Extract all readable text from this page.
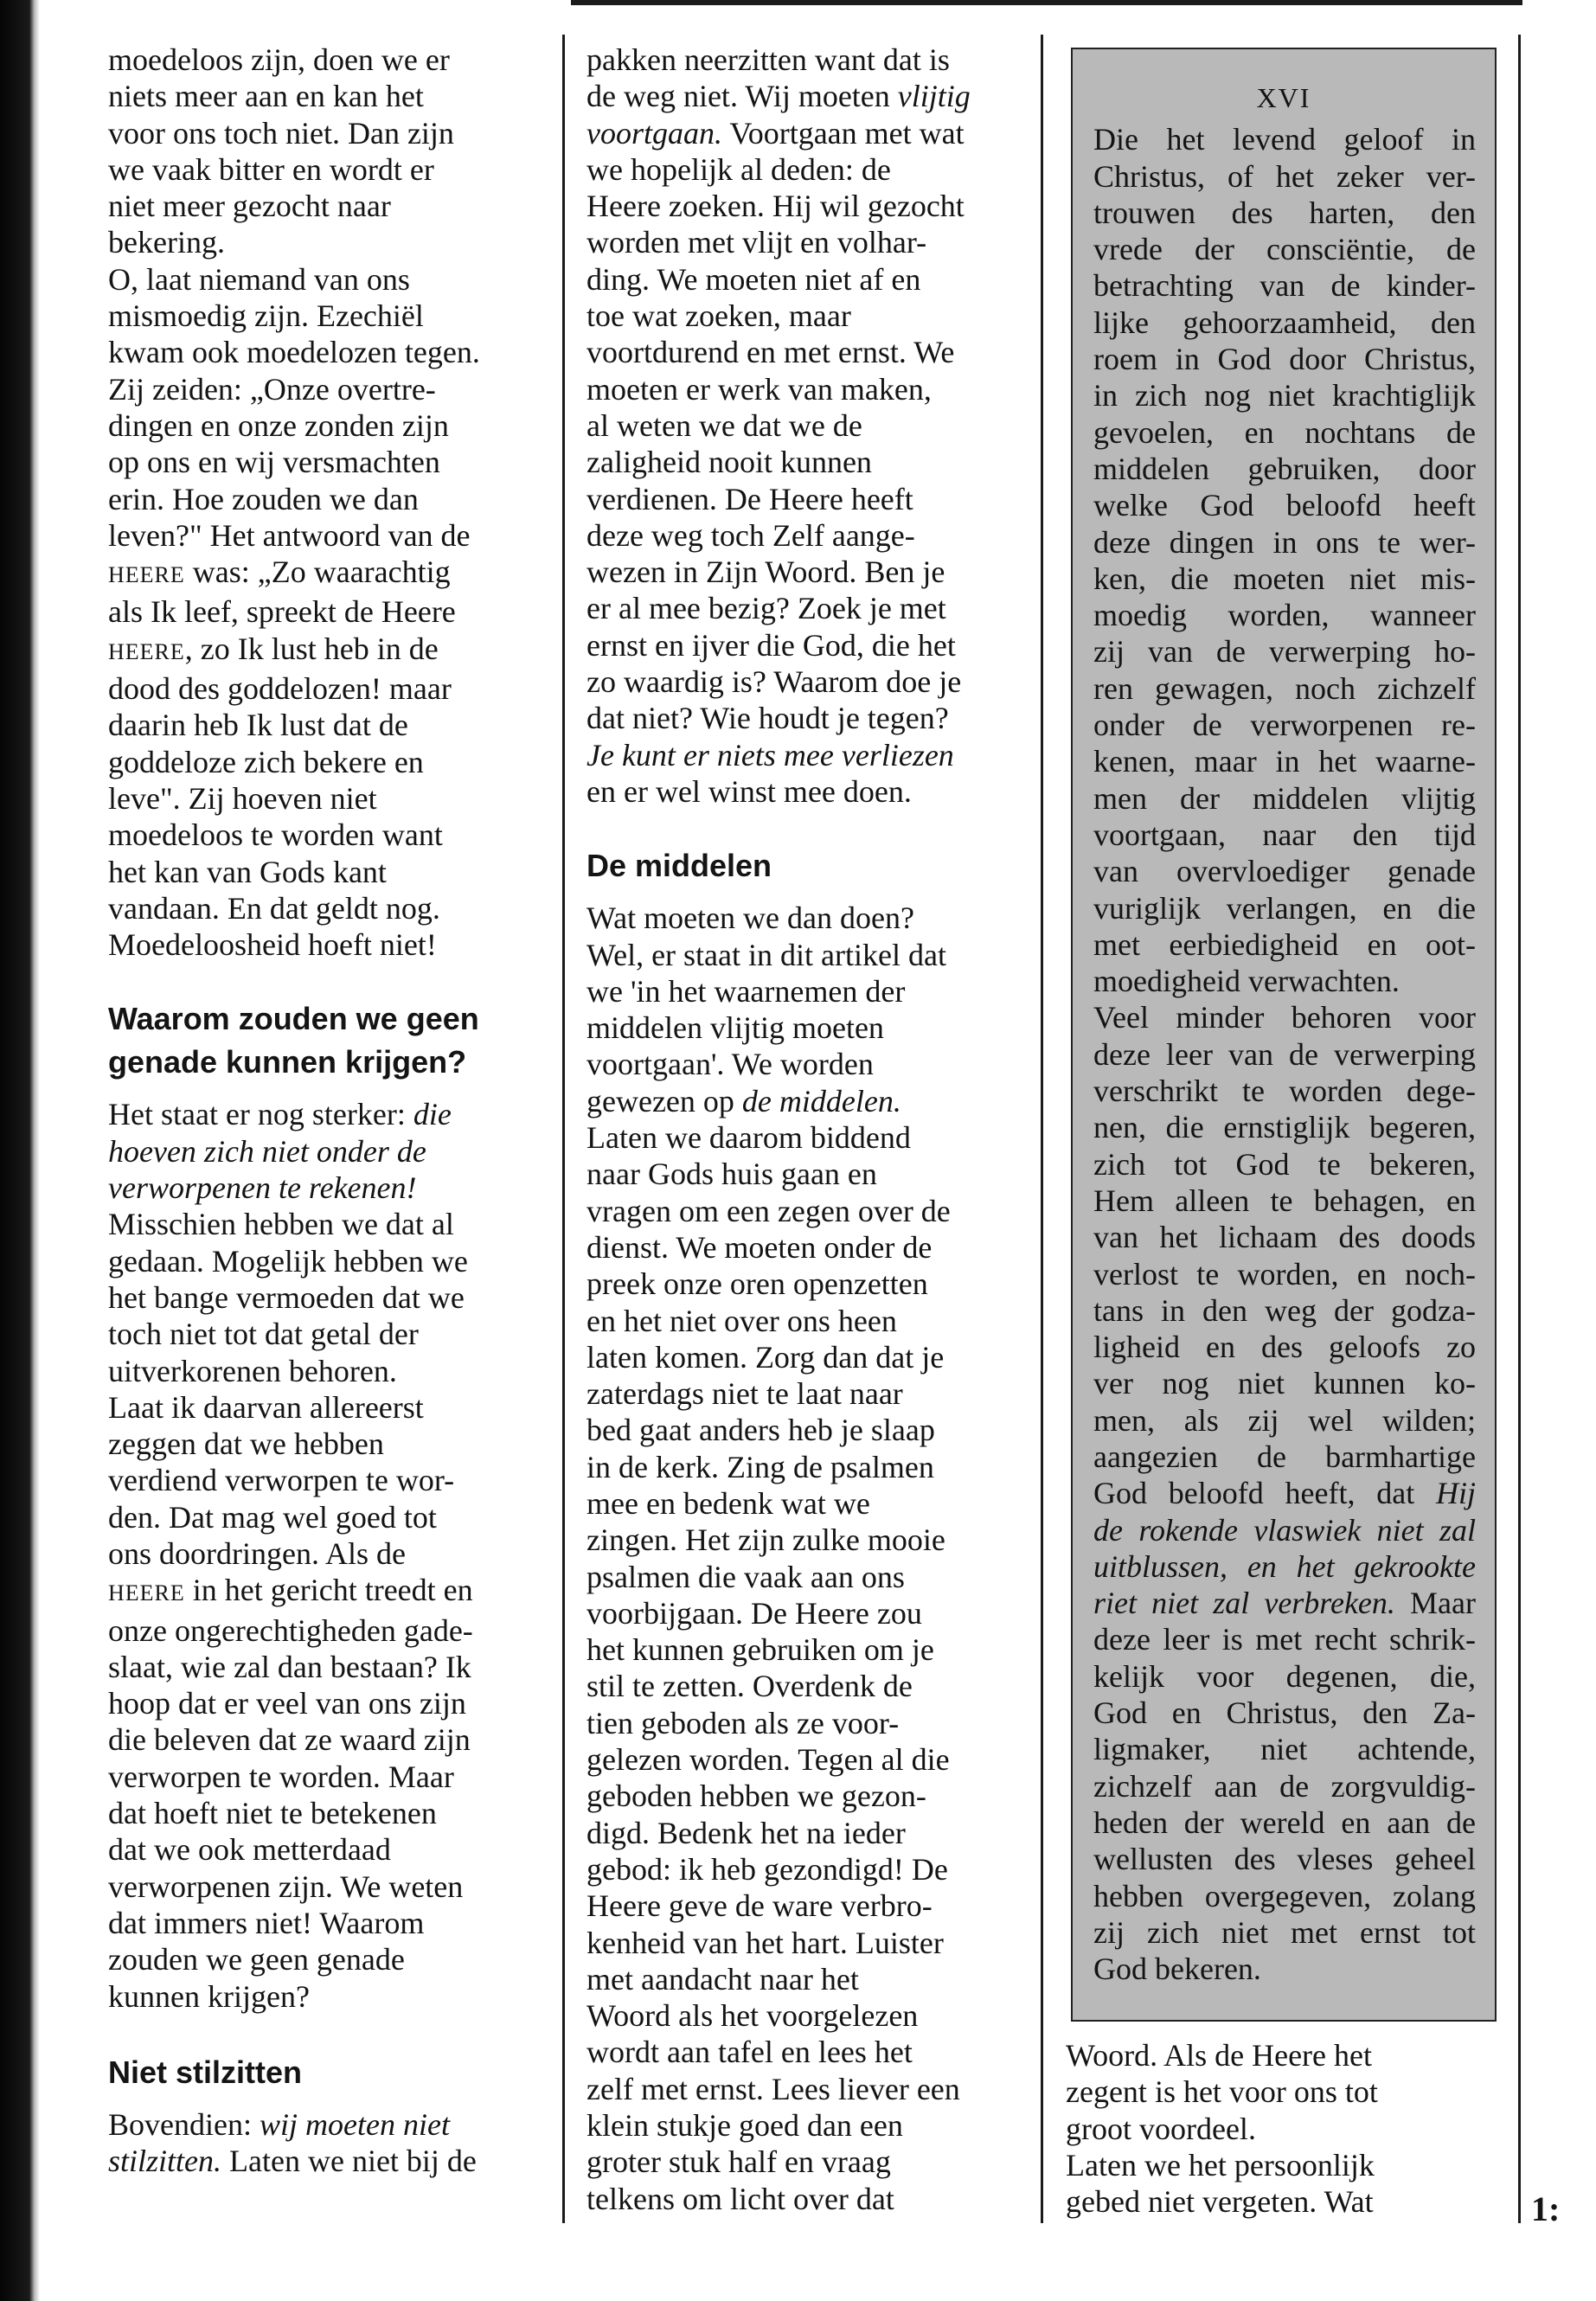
moedeloos zijn, doen we er

niets meer aan en kan het

voor ons toch niet. Dan zijn

we vaak bitter en wordt er

niet meer gezocht naar

bekering.

O, laat niemand van ons

mismoedig zijn. Ezechiël

kwam ook moedelozen tegen.

Zij zeiden: „Onze overtre-

dingen en onze zonden zijn

op ons en wij versmachten

erin. Hoe zouden we dan

leven?" Het antwoord van de

HEERE was: „Zo waarachtig

als Ik leef, spreekt de Heere

HEERE, zo Ik lust heb in de

dood des goddelozen! maar

daarin heb Ik lust dat de

goddeloze zich bekere en

leve". Zij hoeven niet

moedeloos te worden want

het kan van Gods kant

vandaan. En dat geldt nog.

Moedeloosheid hoeft niet!

Waarom zouden we geen
genade kunnen krijgen?

Het staat er nog sterker: die

hoeven zich niet onder de

verworpenen te rekenen!

Misschien hebben we dat al

gedaan. Mogelijk hebben we

het bange vermoeden dat we

toch niet tot dat getal der

uitverkorenen behoren.

Laat ik daarvan allereerst

zeggen dat we hebben

verdiend verworpen te wor-

den. Dat mag wel goed tot

ons doordringen. Als de

HEERE in het gericht treedt en

onze ongerechtigheden gade-

slaat, wie zal dan bestaan? Ik

hoop dat er veel van ons zijn

die beleven dat ze waard zijn

verworpen te worden. Maar

dat hoeft niet te betekenen

dat we ook metterdaad

verworpenen zijn. We weten

dat immers niet! Waarom

zouden we geen genade

kunnen krijgen?

Niet stilzitten

Bovendien: wij moeten niet

stilzitten. Laten we niet bij de

pakken neerzitten want dat is

de weg niet. Wij moeten vlijtig

voortgaan. Voortgaan met wat

we hopelijk al deden: de

Heere zoeken. Hij wil gezocht

worden met vlijt en volhar-

ding. We moeten niet af en

toe wat zoeken, maar

voortdurend en met ernst. We

moeten er werk van maken,

al weten we dat we de

zaligheid nooit kunnen

verdienen. De Heere heeft

deze weg toch Zelf aange-

wezen in Zijn Woord. Ben je

er al mee bezig? Zoek je met

ernst en ijver die God, die het

zo waardig is? Waarom doe je

dat niet? Wie houdt je tegen?

Je kunt er niets mee verliezen

en er wel winst mee doen.

De middelen

Wat moeten we dan doen?

Wel, er staat in dit artikel dat

we 'in het waarnemen der

middelen vlijtig moeten

voortgaan'. We worden

gewezen op de middelen.

Laten we daarom biddend

naar Gods huis gaan en

vragen om een zegen over de

dienst. We moeten onder de

preek onze oren openzetten

en het niet over ons heen

laten komen. Zorg dan dat je

zaterdags niet te laat naar

bed gaat anders heb je slaap

in de kerk. Zing de psalmen

mee en bedenk wat we

zingen. Het zijn zulke mooie

psalmen die vaak aan ons

voorbijgaan. De Heere zou

het kunnen gebruiken om je

stil te zetten. Overdenk de

tien geboden als ze voor-

gelezen worden. Tegen al die

geboden hebben we gezon-

digd. Bedenk het na ieder

gebod: ik heb gezondigd! De

Heere geve de ware verbro-

kenheid van het hart. Luister

met aandacht naar het

Woord als het voorgelezen

wordt aan tafel en lees het

zelf met ernst. Lees liever een

klein stukje goed dan een

groter stuk half en vraag

telkens om licht over dat

XVI

Die het levend geloof in
Christus, of het zeker ver-
trouwen des harten, den
vrede der consciëntie, de
betrachting van de kinder-
lijke gehoorzaamheid, den
roem in God door Christus,
in zich nog niet krachtiglijk
gevoelen, en nochtans de
middelen gebruiken, door
welke God beloofd heeft
deze dingen in ons te wer-
ken, die moeten niet mis-
moedig worden, wanneer
zij van de verwerping ho-
ren gewagen, noch zichzelf
onder de verworpenen re-
kenen, maar in het waarne-
men der middelen vlijtig
voortgaan, naar den tijd
van overvloediger genade
vuriglijk verlangen, en die
met eerbiedigheid en oot-
moedigheid verwachten.

Veel minder behoren voor
deze leer van de verwerping
verschrikt te worden dege-
nen, die ernstiglijk begeren,
zich tot God te bekeren,
Hem alleen te behagen, en
van het lichaam des doods
verlost te worden, en noch-
tans in den weg der godza-
ligheid en des geloofs zo
ver nog niet kunnen ko-
men, als zij wel wilden;
aangezien de barmhartige
God beloofd heeft, dat Hij
de rokende vlaswiek niet zal
uitblussen, en het gekrookte
riet niet zal verbreken. Maar
deze leer is met recht schrik-
kelijk voor degenen, die,
God en Christus, den Za-
ligmaker, niet achtende,
zichzelf aan de zorgvuldig-
heden der wereld en aan de
wellusten des vleses geheel
hebben overgegeven, zolang
zij zich niet met ernst tot
God bekeren.

Woord. Als de Heere het

zegent is het voor ons tot

groot voordeel.

Laten we het persoonlijk

gebed niet vergeten. Wat	1:
